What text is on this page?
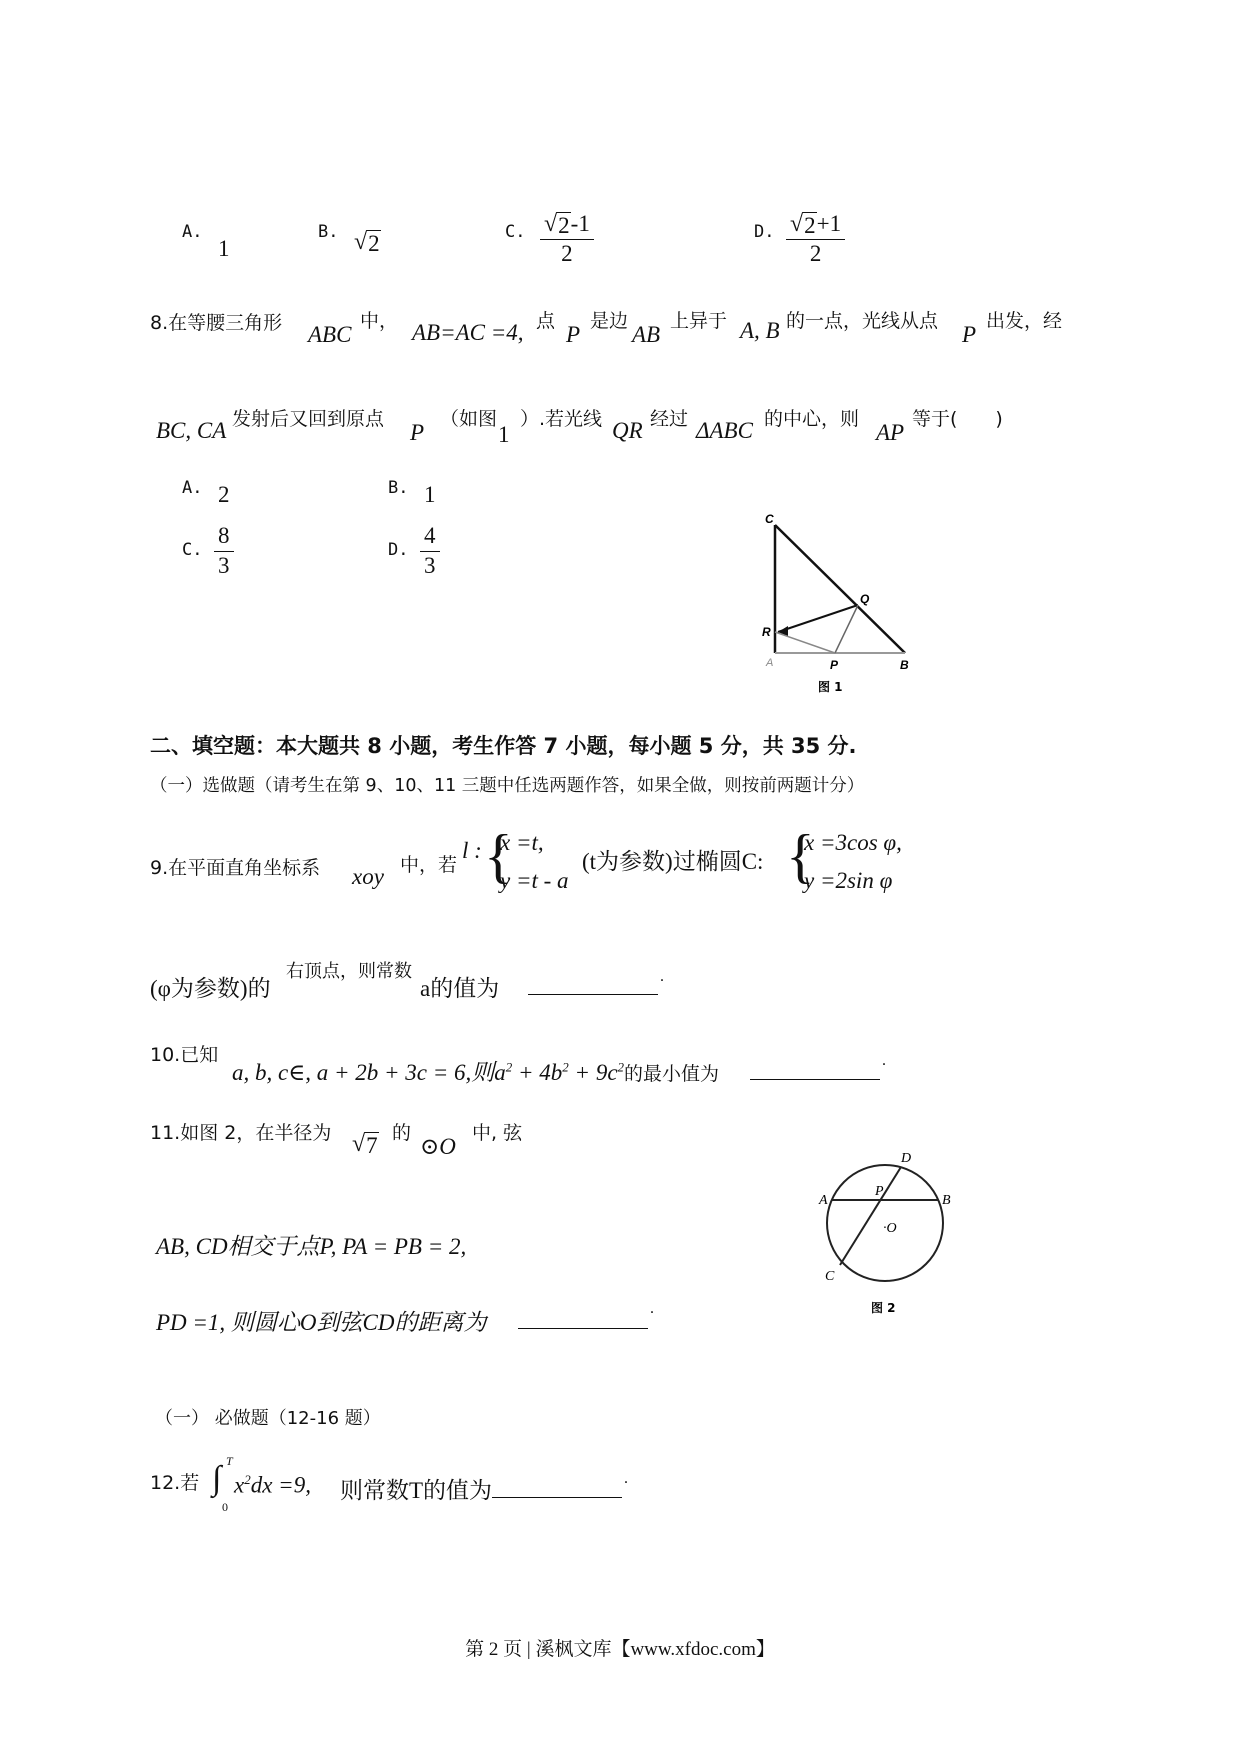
A.
1
B. √ 2	C. $\frac{√ 2 -1}{2}$	D. $\frac{√ 2 +1}{2}$
8.在等腰三角形 ABC
中， AB=AC =4, 点
P
是边
AB
上异于 A, B 的一点，光线从点
P
出发，经
BC, CA 发射后又回到原点
P
（如图
1
）.若光线 QR 经过 ΔABC 的中心，则
AP
等于(　　)
A. 2	B. 1
C. $\frac{8}{3}$	D. $\frac{4}{3}$
C
Q
R
A	P	B
图 1
二、填空题：本大题共 8 小题，考生作答 7 小题，每小题 5 分，共 35 分.
（一）选做题（请考生在第 9、10、11 三题中任选两题作答，如果全做，则按前两题计分）
9.在平面直角坐标系 xoy 中，若
l : {
x =t,
y =t - a
(t为参数)过椭圆C: {
x =3cos φ,
y =2sin φ
(φ为参数)的
右顶点，则常数
a的值为	.
10.已知
a, b, c∈, a + 2b + 3c = 6,则$a^2 + 4b^2 + 9c^2$的最小值为
.
11.如图 2，在半径为 √ 7 的
⊙O
中, 弦
AB, CD相交于点P, PA = PB = 2,
PD =1, 则圆心O到弦CD的距离为
.
D
A
P
B
·O
C
图 2
（一） 必做题（12-16 题）
12.若 ∫ T
0
$x^2dx =9$, 则常数T的值为	.
第 2 页 | 溪枫文库【www.xfdoc.com】
